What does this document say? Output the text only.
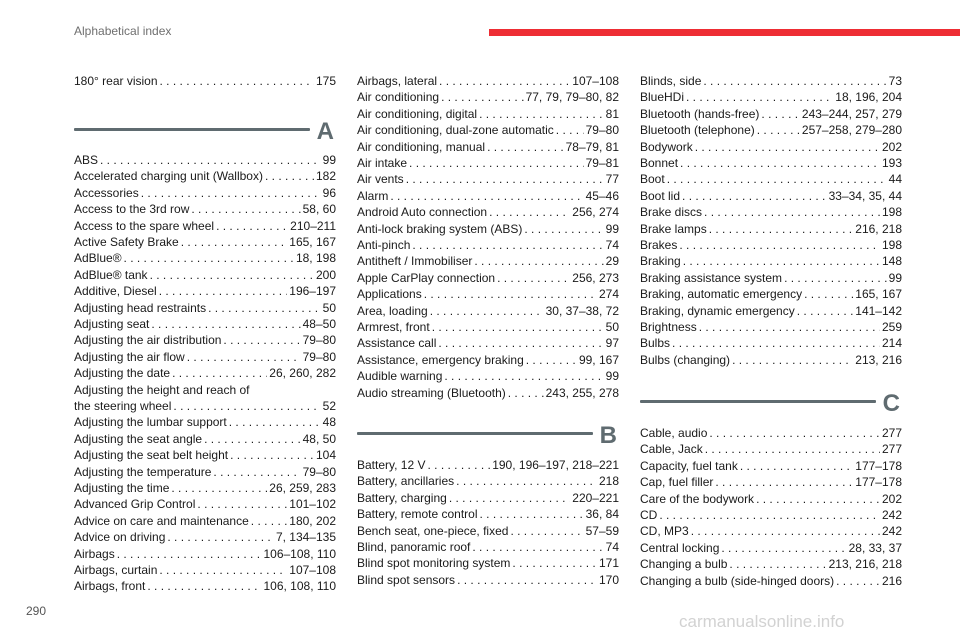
Alphabetical index
180° rear vision . . .	175
A
ABS . . .	99
Accelerated charging unit (Wallbox) . . .	182
Accessories . . .	96
Access to the 3rd row . . .	58, 60
Access to the spare wheel . . .	210–211
Active Safety Brake . . .	165, 167
AdBlue® . . .	18, 198
AdBlue® tank . . .	200
Additive, Diesel . . .	196–197
Adjusting head restraints . . .	50
Adjusting seat . . .	48–50
Adjusting the air distribution . . .	79–80
Adjusting the air flow . . .	79–80
Adjusting the date . . .	26, 260, 282
Adjusting the height and reach of
the steering wheel . . .	52
Adjusting the lumbar support . . .	48
Adjusting the seat angle . . .	48, 50
Adjusting the seat belt height . . .	104
Adjusting the temperature . . .	79–80
Adjusting the time . . .	26, 259, 283
Advanced Grip Control . . .	101–102
Advice on care and maintenance . . .	180, 202
Advice on driving . . .	7, 134–135
Airbags . . .	106–108, 110
Airbags, curtain . . .	107–108
Airbags, front . . .	106, 108, 110
Airbags, lateral . . .	107–108
Air conditioning . . .	77, 79, 79–80, 82
Air conditioning, digital . . .	81
Air conditioning, dual-zone automatic . . .	79–80
Air conditioning, manual . . .	78–79, 81
Air intake . . .	79–81
Air vents . . .	77
Alarm . . .	45–46
Android Auto connection . . .	256, 274
Anti-lock braking system (ABS) . . .	99
Anti-pinch . . .	74
Antitheft / Immobiliser . . .	29
Apple CarPlay connection . . .	256, 273
Applications . . .	274
Area, loading . . .	30, 37–38, 72
Armrest, front . . .	50
Assistance call . . .	97
Assistance, emergency braking . . .	99, 167
Audible warning . . .	99
Audio streaming (Bluetooth) . . .	243, 255, 278
B
Battery, 12 V . . .	190, 196–197, 218–221
Battery, ancillaries . . .	218
Battery, charging . . .	220–221
Battery, remote control . . .	36, 84
Bench seat, one-piece, fixed . . .	57–59
Blind, panoramic roof . . .	74
Blind spot monitoring system . . .	171
Blind spot sensors . . .	170
Blinds, side . . .	73
BlueHDi . . .	18, 196, 204
Bluetooth (hands-free) . . .	243–244, 257, 279
Bluetooth (telephone) . . .	257–258, 279–280
Bodywork . . .	202
Bonnet . . .	193
Boot . . .	44
Boot lid . . .	33–34, 35, 44
Brake discs . . .	198
Brake lamps . . .	216, 218
Brakes . . .	198
Braking . . .	148
Braking assistance system . . .	99
Braking, automatic emergency . . .	165, 167
Braking, dynamic emergency . . .	141–142
Brightness . . .	259
Bulbs . . .	214
Bulbs (changing) . . .	213, 216
C
Cable, audio . . .	277
Cable, Jack . . .	277
Capacity, fuel tank . . .	177–178
Cap, fuel filler . . .	177–178
Care of the bodywork . . .	202
CD . . .	242
CD, MP3 . . .	242
Central locking . . .	28, 33, 37
Changing a bulb . . .	213, 216, 218
Changing a bulb (side-hinged doors) . . .	216
290
carmanualsonline.info
